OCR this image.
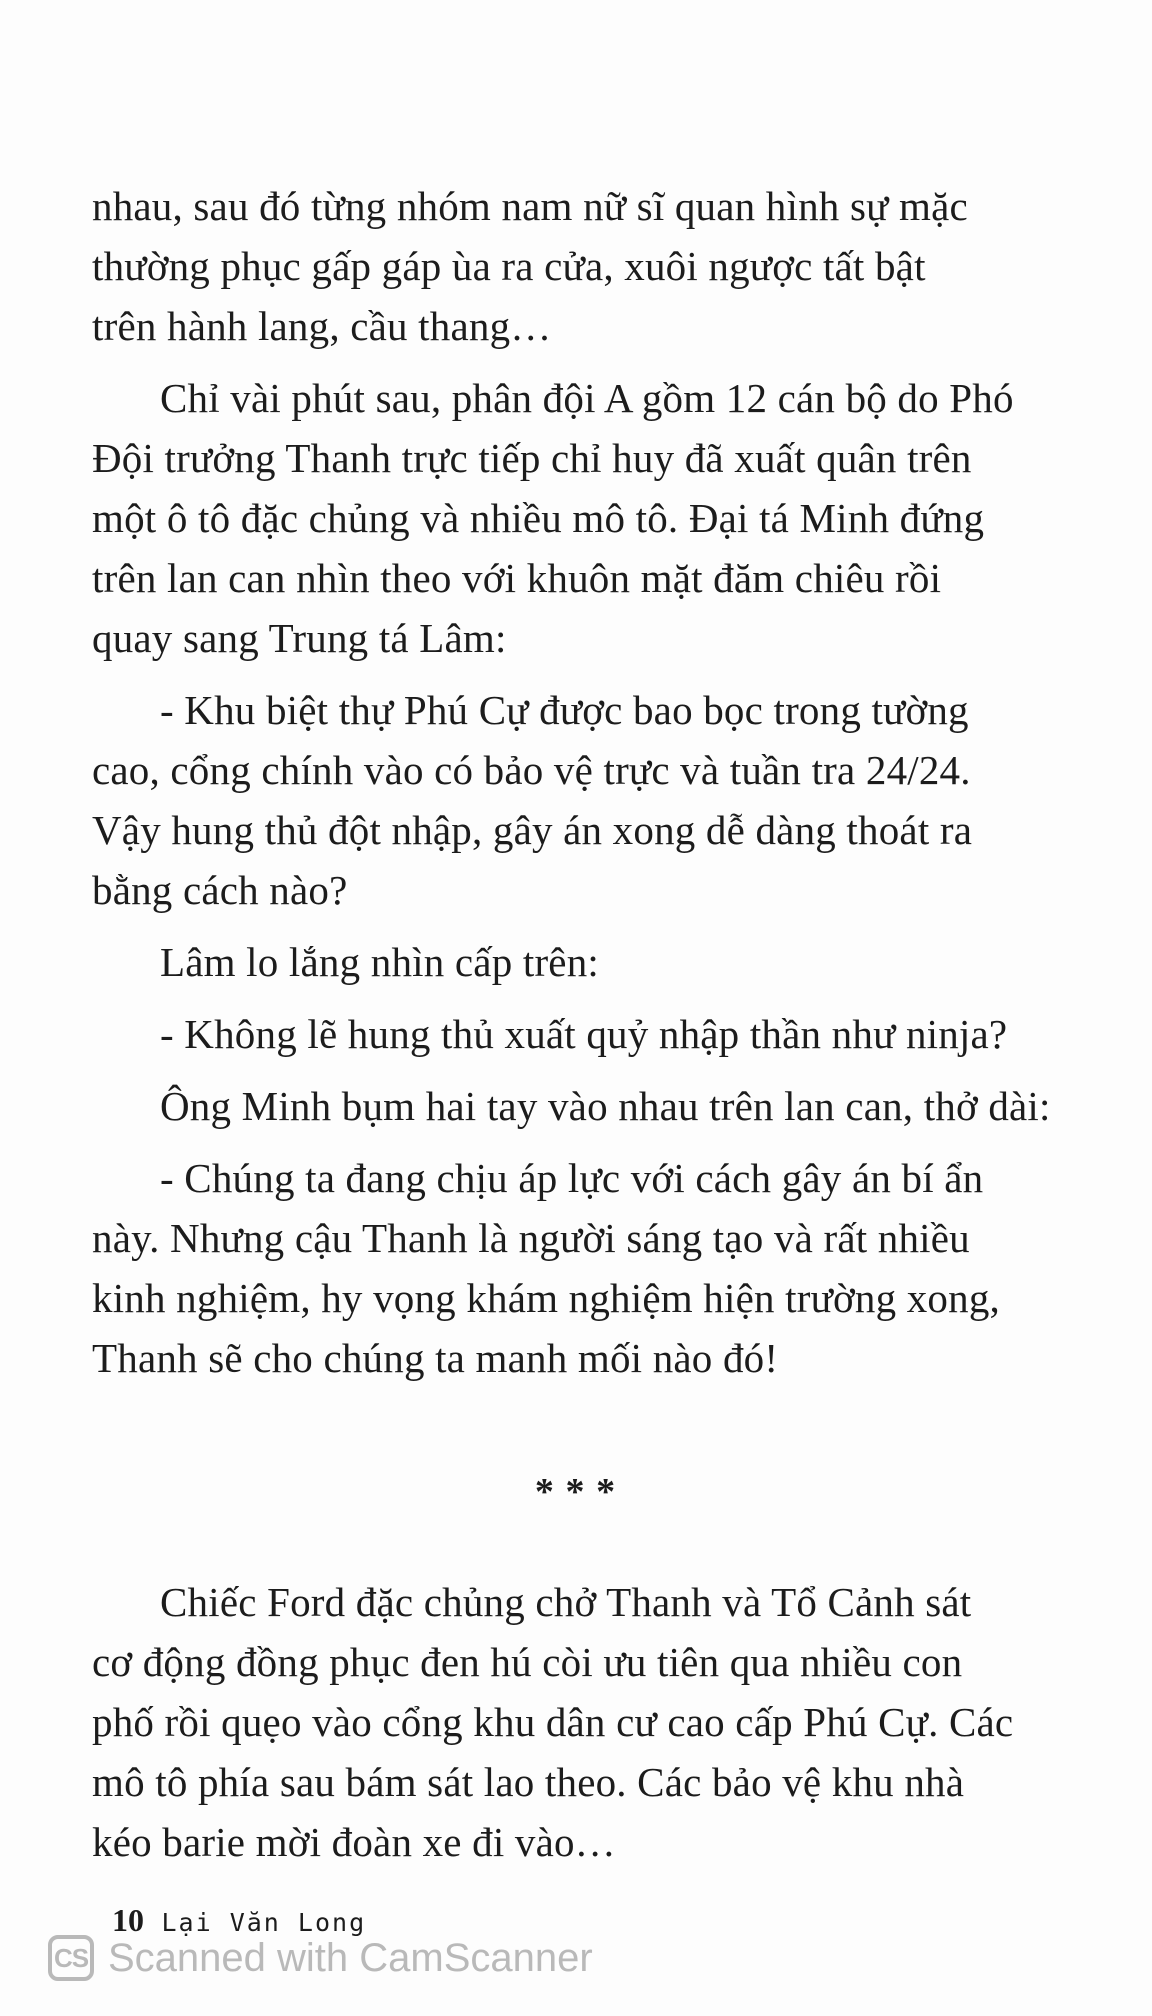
nhau, sau đó từng nhóm nam nữ sĩ quan hình sự mặc
thường phục gấp gáp ùa ra cửa, xuôi ngược tất bật
trên hành lang, cầu thang…

Chỉ vài phút sau, phân đội A gồm 12 cán bộ do Phó
Đội trưởng Thanh trực tiếp chỉ huy đã xuất quân trên
một ô tô đặc chủng và nhiều mô tô. Đại tá Minh đứng
trên lan can nhìn theo với khuôn mặt đăm chiêu rồi
quay sang Trung tá Lâm:

- Khu biệt thự Phú Cự được bao bọc trong tường
cao, cổng chính vào có bảo vệ trực và tuần tra 24/24.
Vậy hung thủ đột nhập, gây án xong dễ dàng thoát ra
bằng cách nào?

Lâm lo lắng nhìn cấp trên:

- Không lẽ hung thủ xuất quỷ nhập thần như ninja?

Ông Minh bụm hai tay vào nhau trên lan can, thở dài:

- Chúng ta đang chịu áp lực với cách gây án bí ẩn
này. Nhưng cậu Thanh là người sáng tạo và rất nhiều
kinh nghiệm, hy vọng khám nghiệm hiện trường xong,
Thanh sẽ cho chúng ta manh mối nào đó!

* * *

Chiếc Ford đặc chủng chở Thanh và Tổ Cảnh sát
cơ động đồng phục đen hú còi ưu tiên qua nhiều con
phố rồi quẹo vào cổng khu dân cư cao cấp Phú Cự. Các
mô tô phía sau bám sát lao theo. Các bảo vệ khu nhà
kéo barie mời đoàn xe đi vào…

10 Lại Văn Long
CS Scanned with CamScanner
